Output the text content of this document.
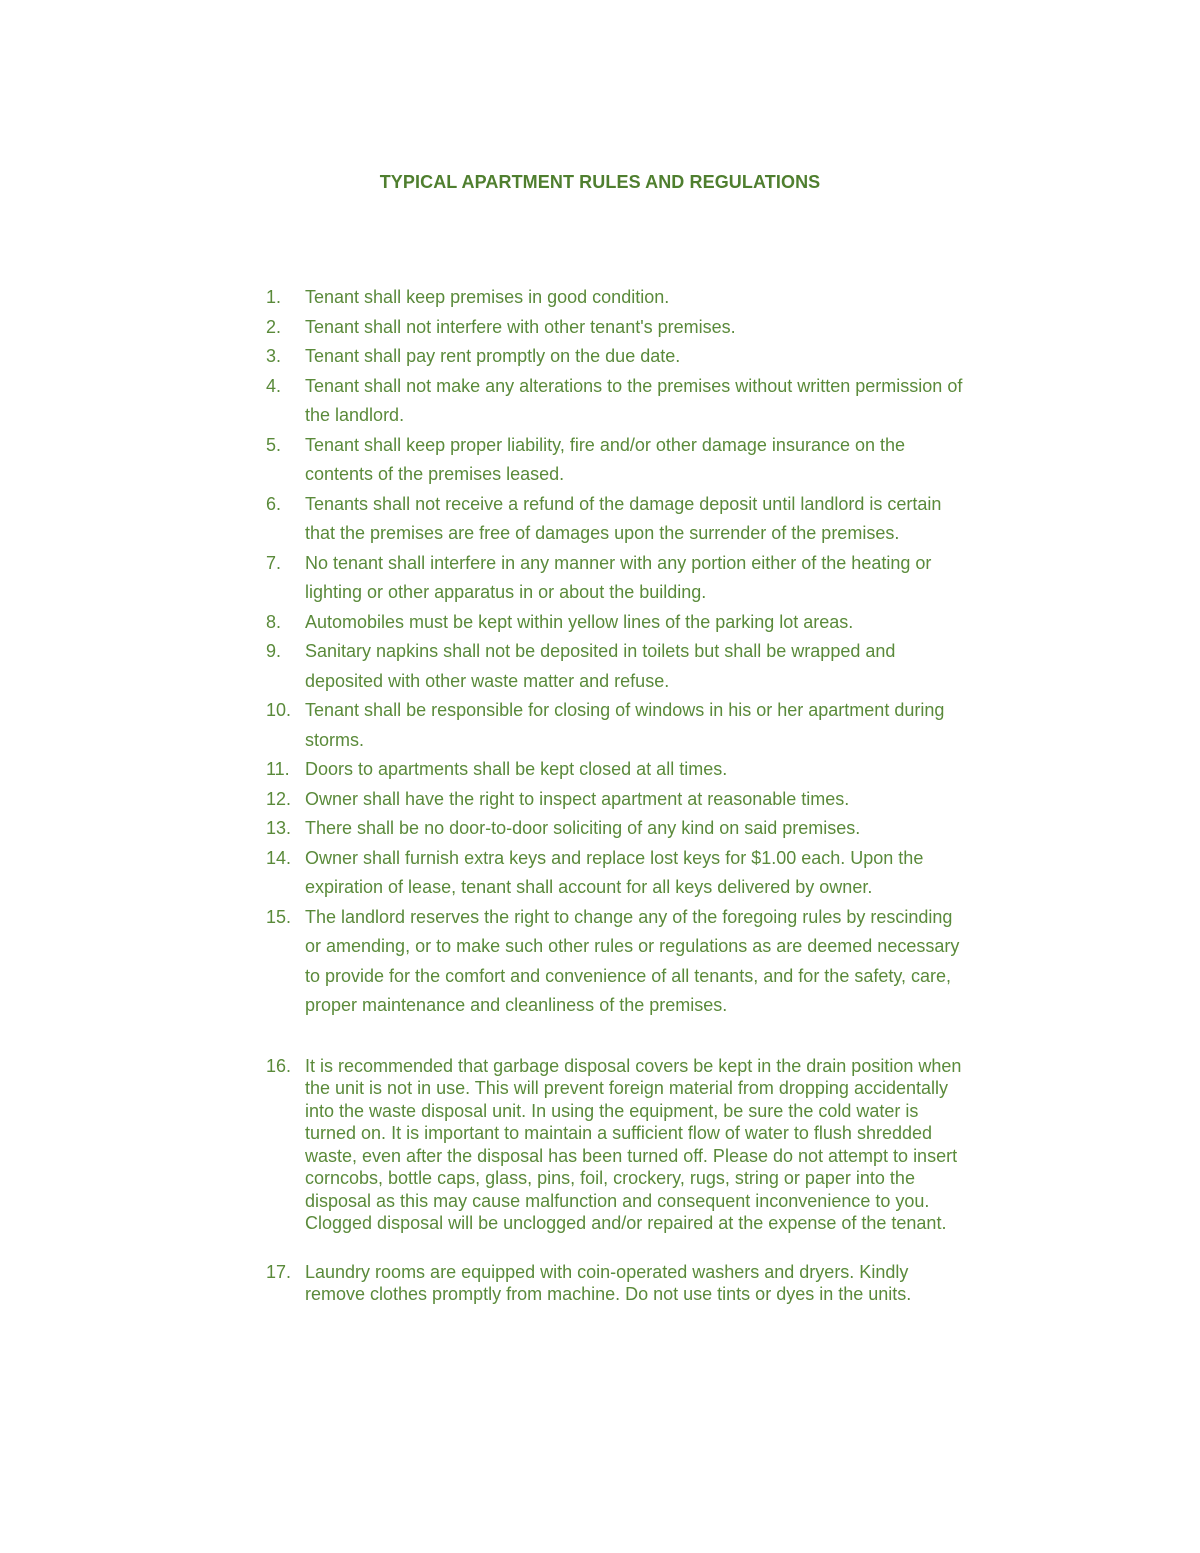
TYPICAL APARTMENT RULES AND REGULATIONS
1.	Tenant shall keep premises in good condition.
2.	Tenant shall not interfere with other tenant's premises.
3.	Tenant shall pay rent promptly on the due date.
4.	Tenant shall not make any alterations to the premises without written permission of the landlord.
5.	Tenant shall keep proper liability, fire and/or other damage insurance on the contents of the premises leased.
6.	Tenants shall not receive a refund of the damage deposit until landlord is certain that the premises are free of damages upon the surrender of the premises.
7.	No tenant shall interfere in any manner with any portion either of the heating or lighting or other apparatus in or about the building.
8.	Automobiles must be kept within yellow lines of the parking lot areas.
9.	Sanitary napkins shall not be deposited in toilets but shall be wrapped and deposited with other waste matter and refuse.
10. Tenant shall be responsible for closing of windows in his or her apartment during storms.
11. Doors to apartments shall be kept closed at all times.
12. Owner shall have the right to inspect apartment at reasonable times.
13. There shall be no door-to-door soliciting of any kind on said premises.
14. Owner shall furnish extra keys and replace lost keys for $1.00 each. Upon the expiration of lease, tenant shall account for all keys delivered by owner.
15. The landlord reserves the right to change any of the foregoing rules by rescinding or amending, or to make such other rules or regulations as are deemed necessary to provide for the comfort and convenience of all tenants, and for the safety, care, proper maintenance and cleanliness of the premises.
16. It is recommended that garbage disposal covers be kept in the drain position when the unit is not in use. This will prevent foreign material from dropping accidentally into the waste disposal unit. In using the equipment, be sure the cold water is turned on. It is important to maintain a sufficient flow of water to flush shredded waste, even after the disposal has been turned off. Please do not attempt to insert corncobs, bottle caps, glass, pins, foil, crockery, rugs, string or paper into the disposal as this may cause malfunction and consequent inconvenience to you. Clogged disposal will be unclogged and/or repaired at the expense of the tenant.
17. Laundry rooms are equipped with coin-operated washers and dryers. Kindly remove clothes promptly from machine. Do not use tints or dyes in the units.
